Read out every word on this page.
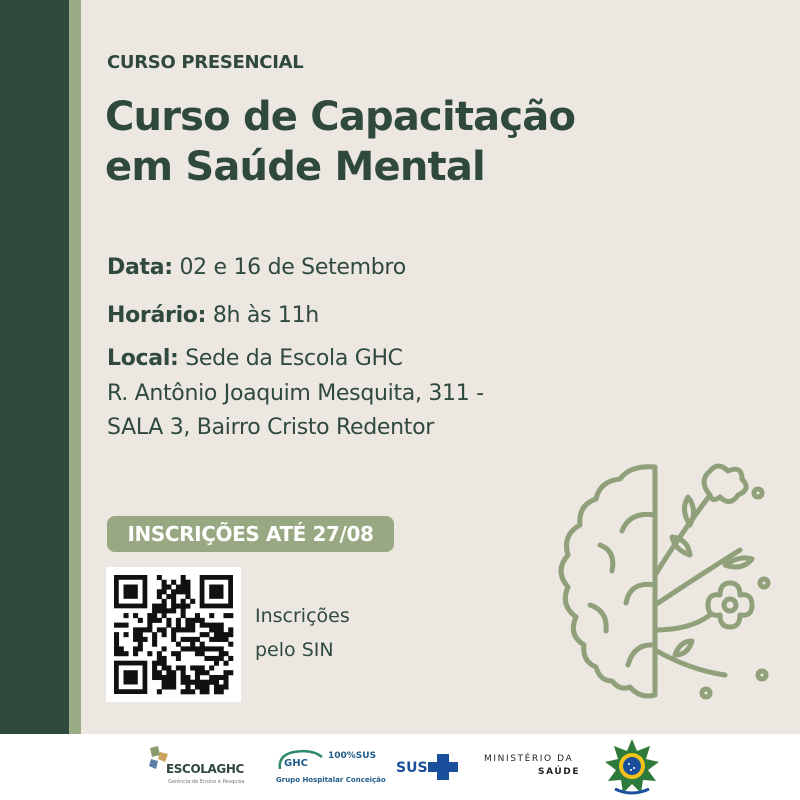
CURSO PRESENCIAL
Curso de Capacitação
em Saúde Mental
Data: 02 e 16 de Setembro
Horário: 8h às 11h
Local: Sede da Escola GHC
R. Antônio Joaquim Mesquita, 311 -
SALA 3, Bairro Cristo Redentor
INSCRIÇÕES ATÉ 27/08
Inscrições
pelo SIN
ESCOLAGHC
Gerência de Ensino e Pesquisa
GHC
100%SUS
Grupo Hospitalar Conceição
SUS
MINISTÉRIO DA
SAÚDE
